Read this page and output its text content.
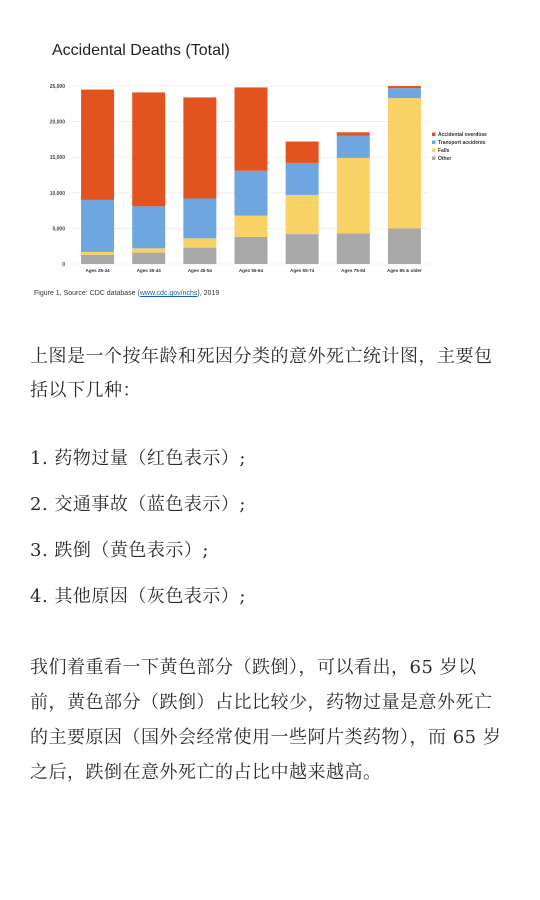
Accidental Deaths (Total)
0
5,000
10,000
15,000
20,000
25,000
Ages 25-34	Ages 35-44	Ages 45-54	Ages 55-64	Ages 65-74	Ages 75-84	Ages 85 & older
Accidental overdose
Transport accidents
Falls
Other
Figure 1, Source: CDC database (www.cdc.gov/nchs), 2019

上图是一个按年龄和死因分类的意外死亡统计图，主要包括以下几种：

1. 药物过量（红色表示）;

2. 交通事故（蓝色表示）;

3. 跌倒（黄色表示）;

4. 其他原因（灰色表示）;

我们着重看一下黄色部分（跌倒），可以看出，65 岁以前，黄色部分（跌倒）占比比较少，药物过量是意外死亡的主要原因（国外会经常使用一些阿片类药物），而 65 岁之后，跌倒在意外死亡的占比中越来越高。
